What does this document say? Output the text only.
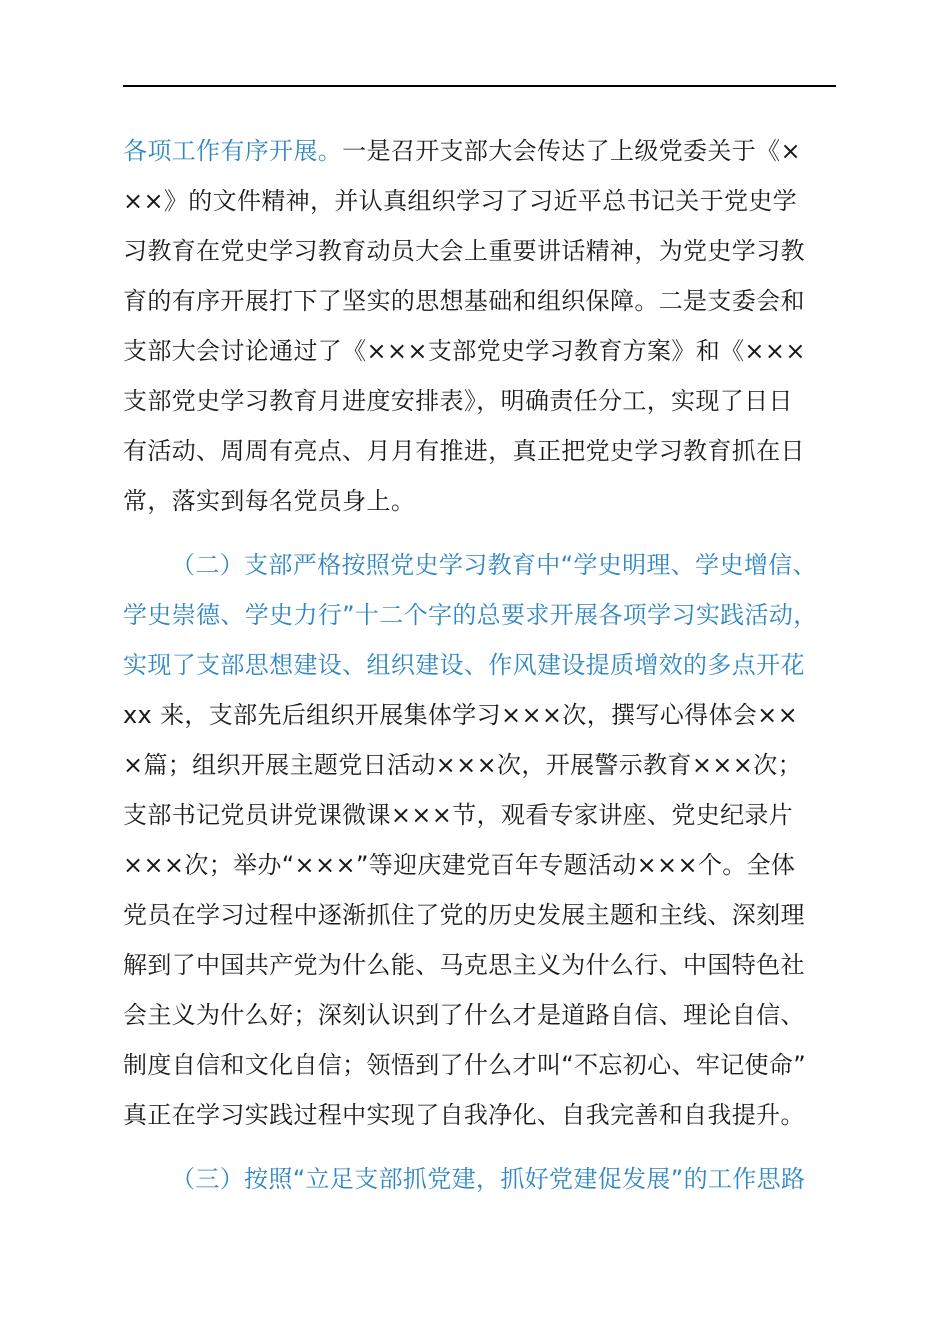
各项工作有序开展。一是召开支部大会传达了上级党委关于《×
××》的文件精神，并认真组织学习了习近平总书记关于党史学
习教育在党史学习教育动员大会上重要讲话精神，为党史学习教
育的有序开展打下了坚实的思想基础和组织保障。二是支委会和
支部大会讨论通过了《×××支部党史学习教育方案》和《×××
支部党史学习教育月进度安排表》，明确责任分工，实现了日日
有活动、周周有亮点、月月有推进，真正把党史学习教育抓在日
常，落实到每名党员身上。
（二）支部严格按照党史学习教育中“学史明理、学史增信、
学史崇德、学史力行”十二个字的总要求开展各项学习实践活动，
实现了支部思想建设、组织建设、作风建设提质增效的多点开花
xx 来，支部先后组织开展集体学习×××次，撰写心得体会××
×篇；组织开展主题党日活动×××次，开展警示教育×××次；
支部书记党员讲党课微课×××节，观看专家讲座、党史纪录片
×××次；举办“×××”等迎庆建党百年专题活动×××个。全体
党员在学习过程中逐渐抓住了党的历史发展主题和主线、深刻理
解到了中国共产党为什么能、马克思主义为什么行、中国特色社
会主义为什么好；深刻认识到了什么才是道路自信、理论自信、
制度自信和文化自信；领悟到了什么才叫“不忘初心、牢记使命”
真正在学习实践过程中实现了自我净化、自我完善和自我提升。
（三）按照“立足支部抓党建，抓好党建促发展”的工作思路
